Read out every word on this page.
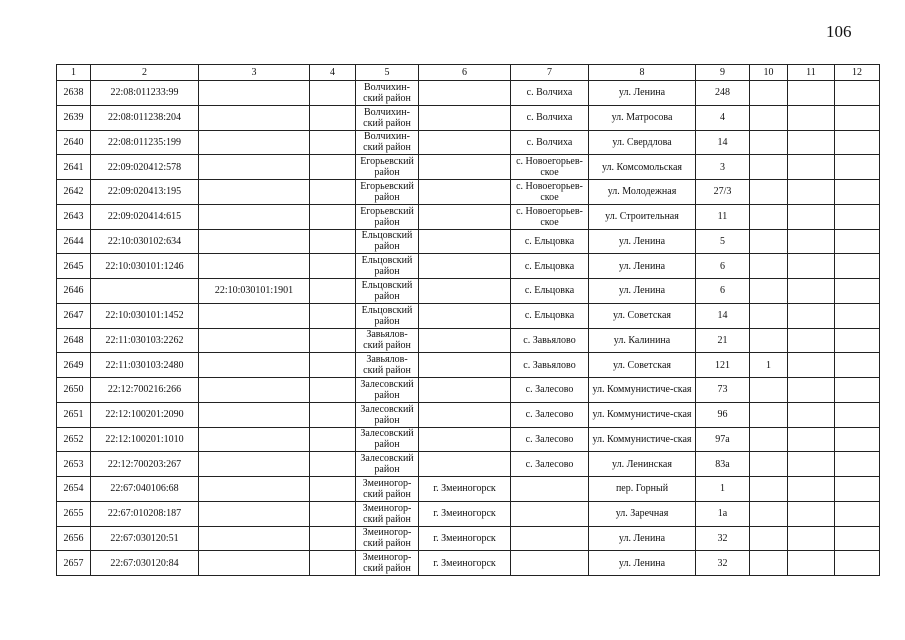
106
1	2	3	4	5	6	7	8	9	10	11	12
2638	22:08:011233:99			Волчихин-ский район		с. Волчиха	ул. Ленина	248			
2639	22:08:011238:204			Волчихин-ский район		с. Волчиха	ул. Матросова	4			
2640	22:08:011235:199			Волчихин-ский район		с. Волчиха	ул. Свердлова	14			
2641	22:09:020412:578			Егорьевский район		с. Новоегорьев-ское	ул. Комсомольская	3			
2642	22:09:020413:195			Егорьевский район		с. Новоегорьев-ское	ул. Молодежная	27/3			
2643	22:09:020414:615			Егорьевский район		с. Новоегорьев-ское	ул. Строительная	11			
2644	22:10:030102:634			Ельцовский район		с. Ельцовка	ул. Ленина	5			
2645	22:10:030101:1246			Ельцовский район		с. Ельцовка	ул. Ленина	6			
2646		22:10:030101:1901		Ельцовский район		с. Ельцовка	ул. Ленина	6			
2647	22:10:030101:1452			Ельцовский район		с. Ельцовка	ул. Советская	14			
2648	22:11:030103:2262			Завьялов-ский район		с. Завьялово	ул. Калинина	21			
2649	22:11:030103:2480			Завьялов-ский район		с. Завьялово	ул. Советская	121	1		
2650	22:12:700216:266			Залесовский район		с. Залесово	ул. Коммунистиче-ская	73			
2651	22:12:100201:2090			Залесовский район		с. Залесово	ул. Коммунистиче-ская	96			
2652	22:12:100201:1010			Залесовский район		с. Залесово	ул. Коммунистиче-ская	97а			
2653	22:12:700203:267			Залесовский район		с. Залесово	ул. Ленинская	83а			
2654	22:67:040106:68			Змеиногор-ский район	г. Змеиногорск		пер. Горный	1			
2655	22:67:010208:187			Змеиногор-ский район	г. Змеиногорск		ул. Заречная	1а			
2656	22:67:030120:51			Змеиногор-ский район	г. Змеиногорск		ул. Ленина	32			
2657	22:67:030120:84			Змеиногор-ский район	г. Змеиногорск		ул. Ленина	32			
